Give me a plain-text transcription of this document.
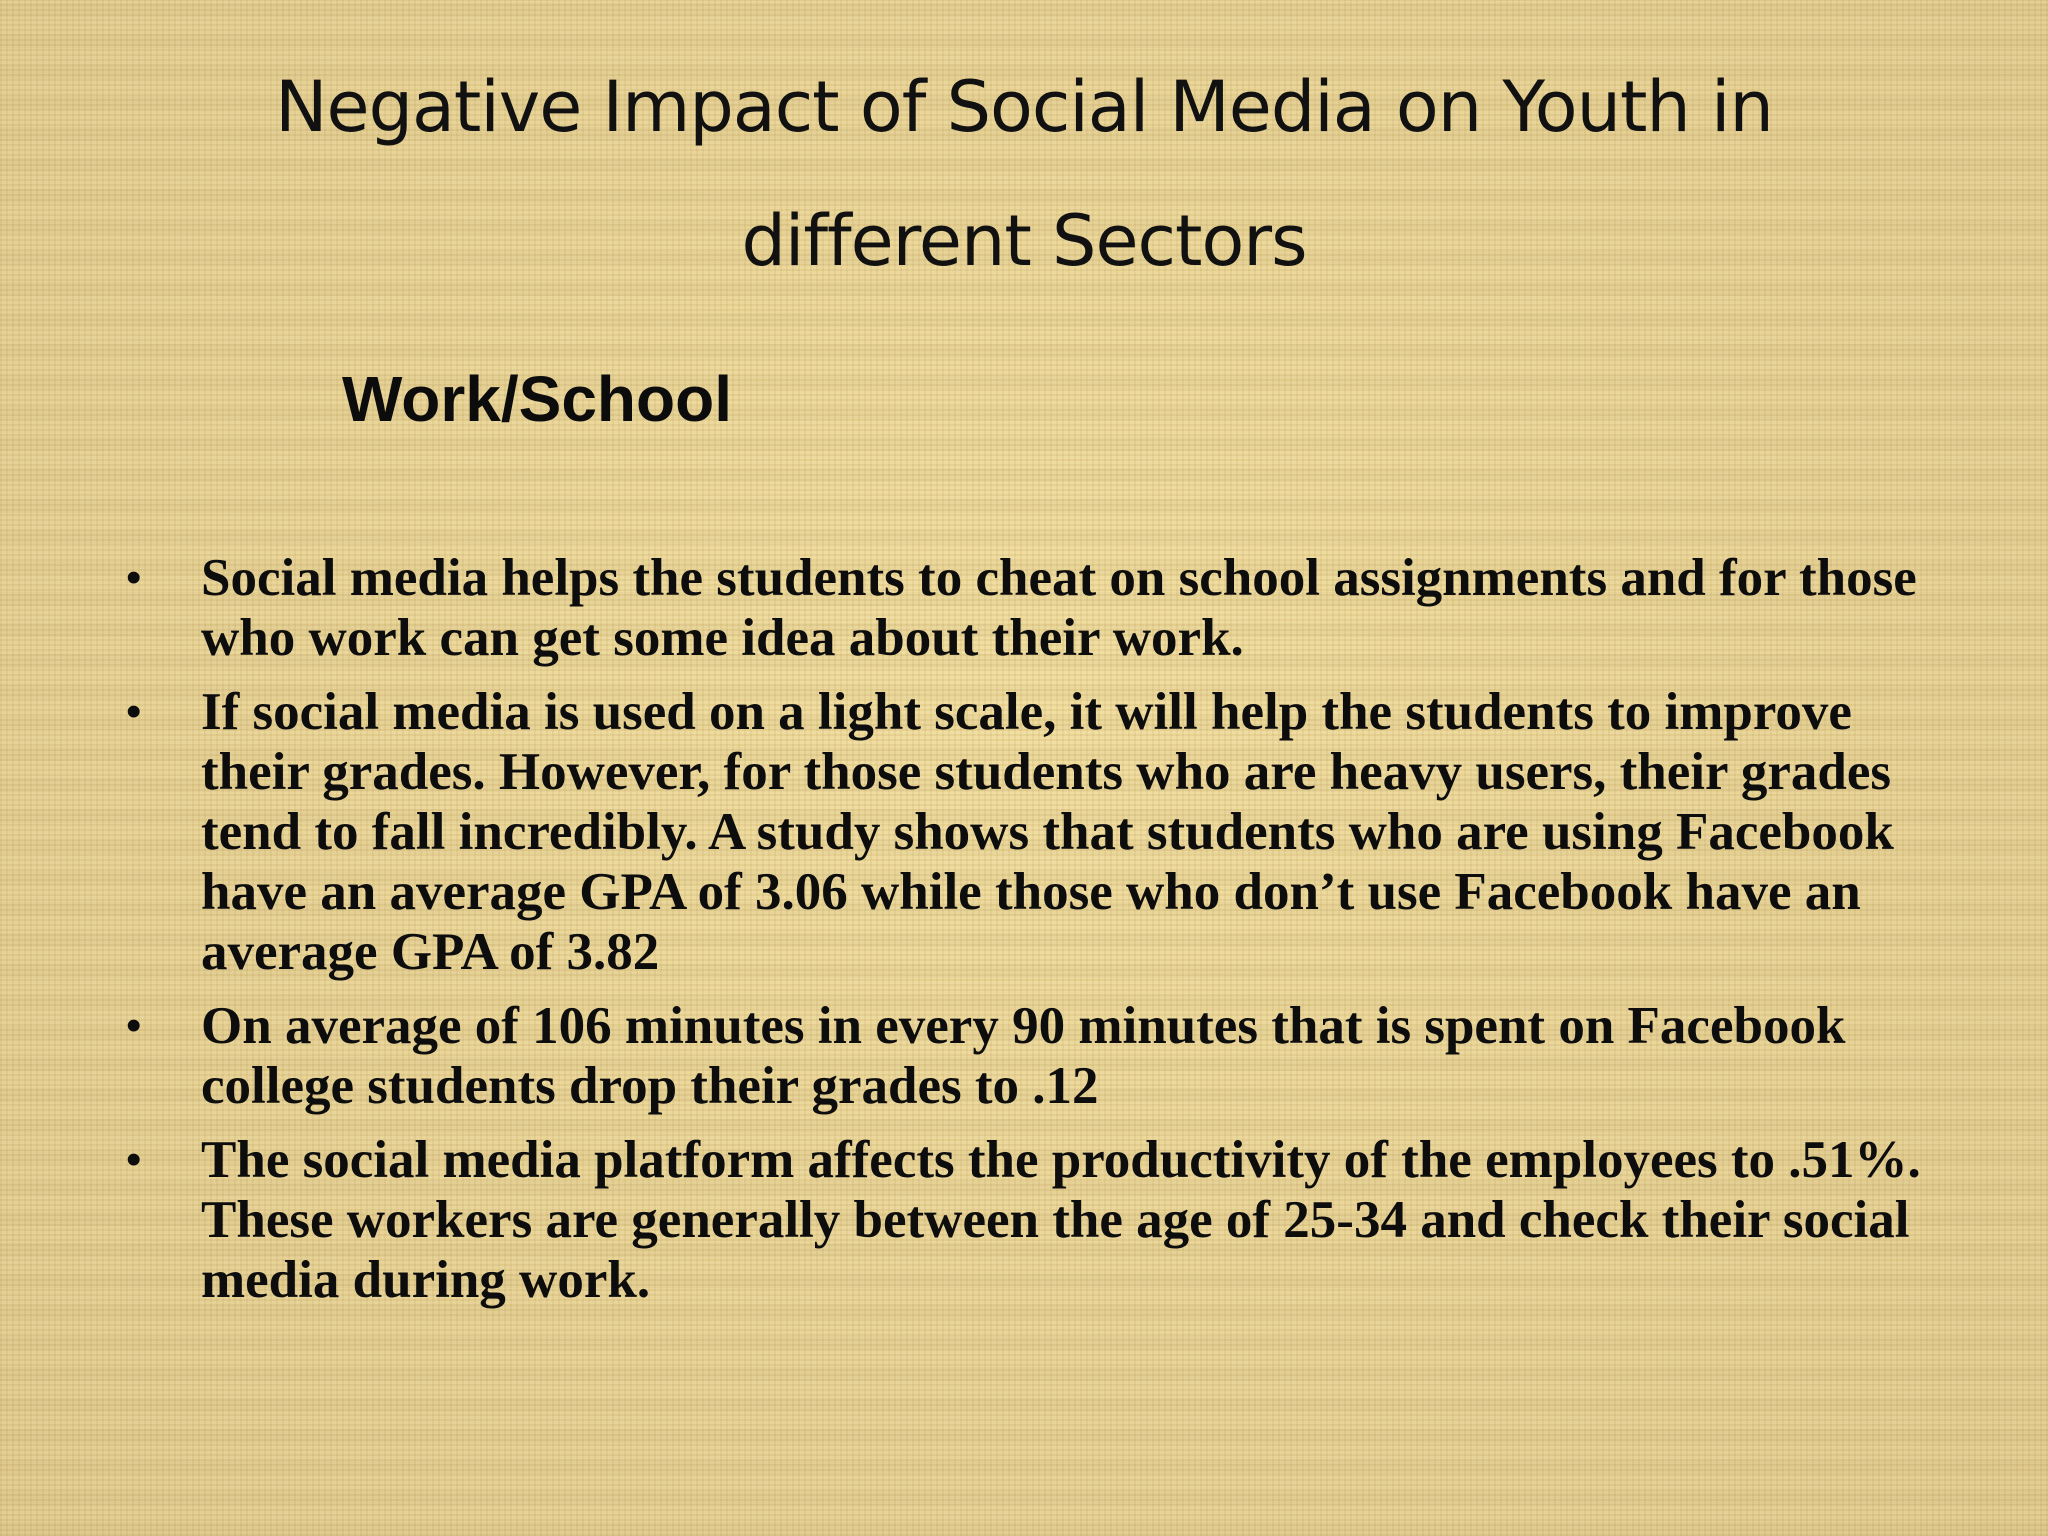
Negative Impact of Social Media on Youth in different Sectors
Work/School
• Social media helps the students to cheat on school assignments and for those who work can get some idea about their work.
• If social media is used on a light scale, it will help the students to improve their grades. However, for those students who are heavy users, their grades tend to fall incredibly. A study shows that students who are using Facebook have an average GPA of 3.06 while those who don’t use Facebook have an average GPA of 3.82
• On average of 106 minutes in every 90 minutes that is spent on Facebook college students drop their grades to .12
• The social media platform affects the productivity of the employees to .51%. These workers are generally between the age of 25-34 and check their social media during work.
